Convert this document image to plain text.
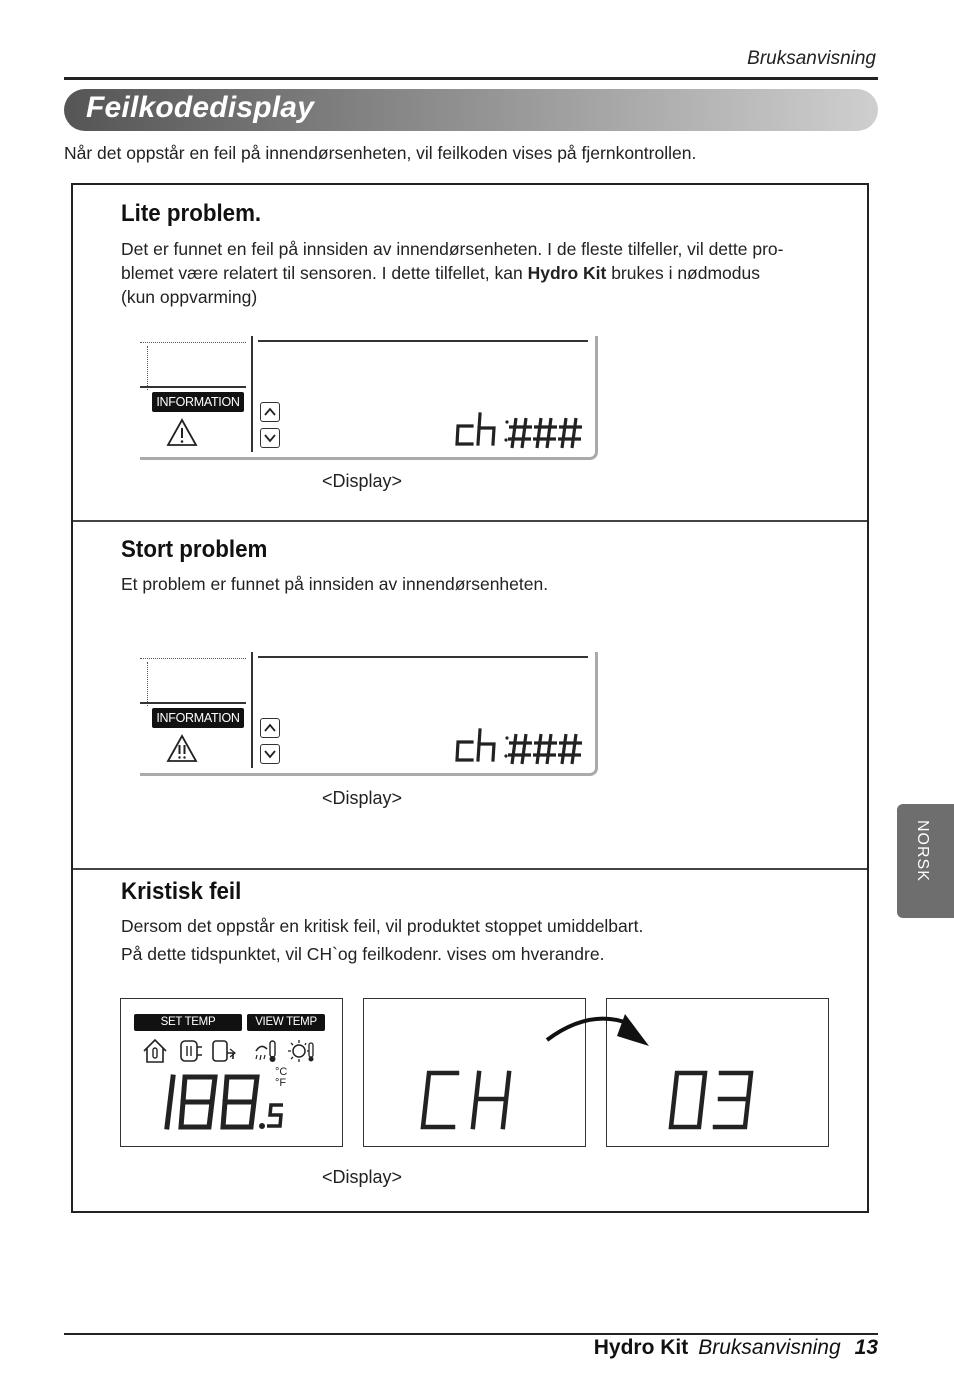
Bruksanvisning
Feilkodedisplay
Når det oppstår en feil på innendørsenheten, vil feilkoden vises på fjernkontrollen.
Lite problem.
Det er funnet en feil på innsiden av innendørsenheten. I de fleste tilfeller, vil dette pro-
blemet være relatert til sensoren. I dette tilfellet, kan Hydro Kit brukes i nødmodus
(kun oppvarming)
INFORMATION
<Display>
Stort problem
Et problem er funnet på innsiden av innendørsenheten.
INFORMATION
<Display>
Kristisk feil
Dersom det oppstår en kritisk feil, vil produktet stoppet umiddelbart.
På dette tidspunktet, vil CH`og feilkodenr. vises om hverandre.
SET TEMP	VIEW TEMP
°C
°F
<Display>
NORSK
Hydro Kit Bruksanvisning 13
